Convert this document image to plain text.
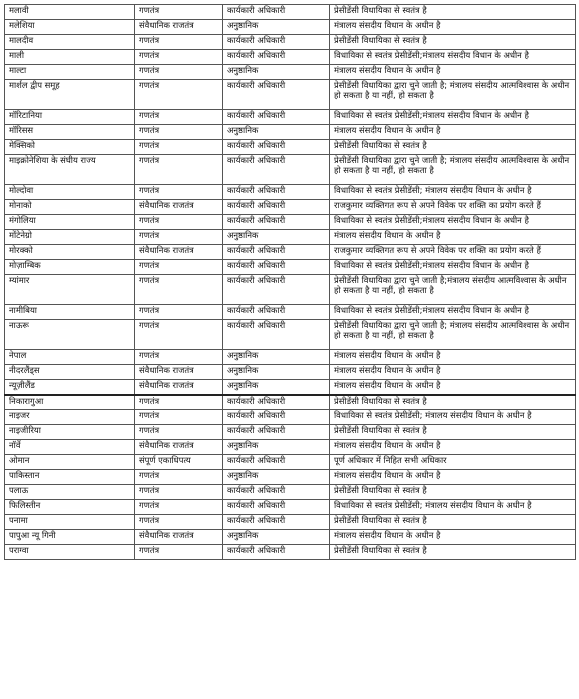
मलावी	गणतंत्र	कार्यकारी अधिकारी	प्रेसीडेंसी विधायिका से स्वतंत्र है
मलेशिया	संवैधानिक राजतंत्र	अनुष्ठानिक	मंत्रालय संसदीय विधान के अधीन है
मालदीव	गणतंत्र	कार्यकारी अधिकारी	प्रेसीडेंसी विधायिका से स्वतंत्र है
माली	गणतंत्र	कार्यकारी अधिकारी	विधायिका से स्वतंत्र प्रेसीडेंसी;मंत्रालय संसदीय विधान के अधीन है
माल्टा	गणतंत्र	अनुष्ठानिक	मंत्रालय संसदीय विधान के अधीन है
मार्शल द्वीप समूह	गणतंत्र	कार्यकारी अधिकारी	प्रेसीडेंसी विधायिका द्वारा चुने जाती है; मंत्रालय संसदीय आत्मविश्वास के अधीन हो सकता है या नहीं, हो सकता है
मॉरिटानिया	गणतंत्र	कार्यकारी अधिकारी	विधायिका से स्वतंत्र प्रेसीडेंसी;मंत्रालय संसदीय विधान के अधीन है
मॉरिसस	गणतंत्र	अनुष्ठानिक	मंत्रालय संसदीय विधान के अधीन है
मेक्सिको	गणतंत्र	कार्यकारी अधिकारी	प्रेसीडेंसी विधायिका से स्वतंत्र है
माइक्रोनेशिया के संघीय राज्य	गणतंत्र	कार्यकारी अधिकारी	प्रेसीडेंसी विधायिका द्वारा चुने जाती है; मंत्रालय संसदीय आत्मविश्वास के अधीन हो सकता है या नहीं, हो सकता है
मोल्दोवा	गणतंत्र	कार्यकारी अधिकारी	विधायिका से स्वतंत्र प्रेसीडेंसी; मंत्रालय संसदीय विधान के अधीन है
मोनाको	संवैधानिक राजतंत्र	कार्यकारी अधिकारी	राजकुमार व्यक्तिगत रूप से अपने विवेक पर शक्ति का प्रयोग करते हैं
मंगोलिया	गणतंत्र	कार्यकारी अधिकारी	विधायिका से स्वतंत्र प्रेसीडेंसी;मंत्रालय संसदीय विधान के अधीन है
मोंटेनेग्रो	गणतंत्र	अनुष्ठानिक	मंत्रालय संसदीय विधान के अधीन है
मोरक्को	संवैधानिक राजतंत्र	कार्यकारी अधिकारी	राजकुमार व्यक्तिगत रूप से अपने विवेक पर शक्ति का प्रयोग करते हैं
मोज़ाम्बिक	गणतंत्र	कार्यकारी अधिकारी	विधायिका से स्वतंत्र प्रेसीडेंसी;मंत्रालय संसदीय विधान के अधीन है
म्यांमार	गणतंत्र	कार्यकारी अधिकारी	प्रेसीडेंसी विधायिका द्वारा चुने जाती है;मंत्रालय संसदीय आत्मविश्वास के अधीन हो सकता है या नहीं, हो सकता है
नामीबिया	गणतंत्र	कार्यकारी अधिकारी	विधायिका से स्वतंत्र प्रेसीडेंसी;मंत्रालय संसदीय विधान के अधीन है
नाऊरू	गणतंत्र	कार्यकारी अधिकारी	प्रेसीडेंसी विधायिका द्वारा चुने जाती है; मंत्रालय संसदीय आत्मविश्वास के अधीन हो सकता है या नहीं, हो सकता है
नेपाल	गणतंत्र	अनुष्ठानिक	मंत्रालय संसदीय विधान के अधीन है
नीदरलैंड्स	संवैधानिक राजतंत्र	अनुष्ठानिक	मंत्रालय संसदीय विधान के अधीन है
न्यूज़ीलैंड	संवैधानिक राजतंत्र	अनुष्ठानिक	मंत्रालय संसदीय विधान के अधीन है
निकारागुआ	गणतंत्र	कार्यकारी अधिकारी	प्रेसीडेंसी विधायिका से स्वतंत्र है
नाइजर	गणतंत्र	कार्यकारी अधिकारी	विधायिका से स्वतंत्र प्रेसीडेंसी; मंत्रालय संसदीय विधान के अधीन है
नाइजीरिया	गणतंत्र	कार्यकारी अधिकारी	प्रेसीडेंसी विधायिका से स्वतंत्र है
नॉर्वे	संवैधानिक राजतंत्र	अनुष्ठानिक	मंत्रालय संसदीय विधान के अधीन है
ओमान	संपूर्ण एकाधिपत्य	कार्यकारी अधिकारी	पूर्ण अधिकार में निहित सभी अधिकार
पाकिस्तान	गणतंत्र	अनुष्ठानिक	मंत्रालय संसदीय विधान के अधीन है
पलाऊ	गणतंत्र	कार्यकारी अधिकारी	प्रेसीडेंसी विधायिका से स्वतंत्र है
फिलिस्तीन	गणतंत्र	कार्यकारी अधिकारी	विधायिका से स्वतंत्र प्रेसीडेंसी; मंत्रालय संसदीय विधान के अधीन है
पनामा	गणतंत्र	कार्यकारी अधिकारी	प्रेसीडेंसी विधायिका से स्वतंत्र है
पापुआ न्यू गिनी	संवैधानिक राजतंत्र	अनुष्ठानिक	मंत्रालय संसदीय विधान के अधीन है
पराग्वा	गणतंत्र	कार्यकारी अधिकारी	प्रेसीडेंसी विधायिका से स्वतंत्र है
